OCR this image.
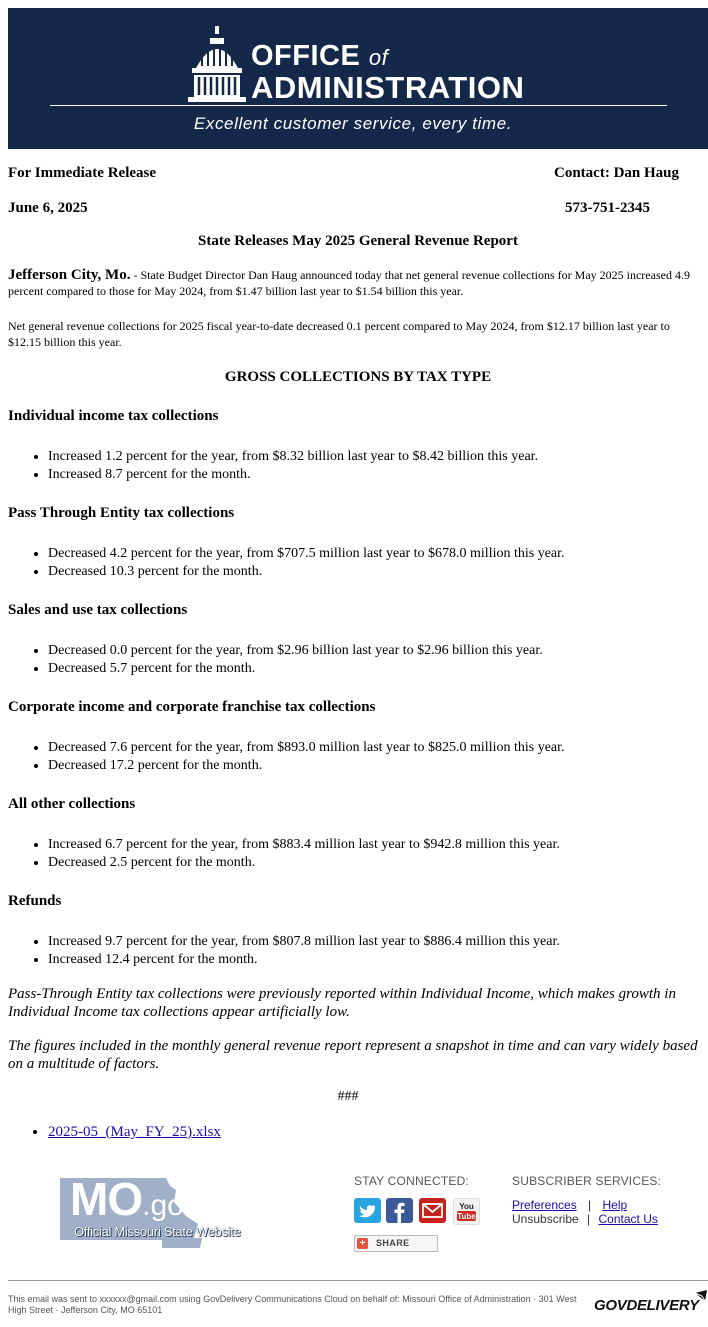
OFFICE of
ADMINISTRATION
Excellent customer service, every time.
For Immediate Release	Contact: Dan Haug
June 6, 2025	573-751-2345
State Releases May 2025 General Revenue Report
Jefferson City, Mo. - State Budget Director Dan Haug announced today that net general revenue collections for May 2025 increased 4.9 percent compared to those for May 2024, from $1.47 billion last year to $1.54 billion this year.
Net general revenue collections for 2025 fiscal year-to-date decreased 0.1 percent compared to May 2024, from $12.17 billion last year to $12.15 billion this year.
GROSS COLLECTIONS BY TAX TYPE
Individual income tax collections
• Increased 1.2 percent for the year, from $8.32 billion last year to $8.42 billion this year.
• Increased 8.7 percent for the month.
Pass Through Entity tax collections
• Decreased 4.2 percent for the year, from $707.5 million last year to $678.0 million this year.
• Decreased 10.3 percent for the month.
Sales and use tax collections
• Decreased 0.0 percent for the year, from $2.96 billion last year to $2.96 billion this year.
• Decreased 5.7 percent for the month.
Corporate income and corporate franchise tax collections
• Decreased 7.6 percent for the year, from $893.0 million last year to $825.0 million this year.
• Decreased 17.2 percent for the month.
All other collections
• Increased 6.7 percent for the year, from $883.4 million last year to $942.8 million this year.
• Decreased 2.5 percent for the month.
Refunds
• Increased 9.7 percent for the year, from $807.8 million last year to $886.4 million this year.
• Increased 12.4 percent for the month.
Pass-Through Entity tax collections were previously reported within Individual Income, which makes growth in Individual Income tax collections appear artificially low.
The figures included in the monthly general revenue report represent a snapshot in time and can vary widely based on a multitude of factors.
###
• 2025-05_(May_FY_25).xlsx
MO.gov
Official Missouri State Website
STAY CONNECTED:	SUBSCRIBER SERVICES:
You
Tube
+ SHARE
Preferences | Help
Unsubscribe | Contact Us
This email was sent to xxxxxx@gmail.com using GovDelivery Communications Cloud on behalf of: Missouri Office of Administration · 301 West High Street · Jefferson City, MO 65101	GOVDELIVERY
